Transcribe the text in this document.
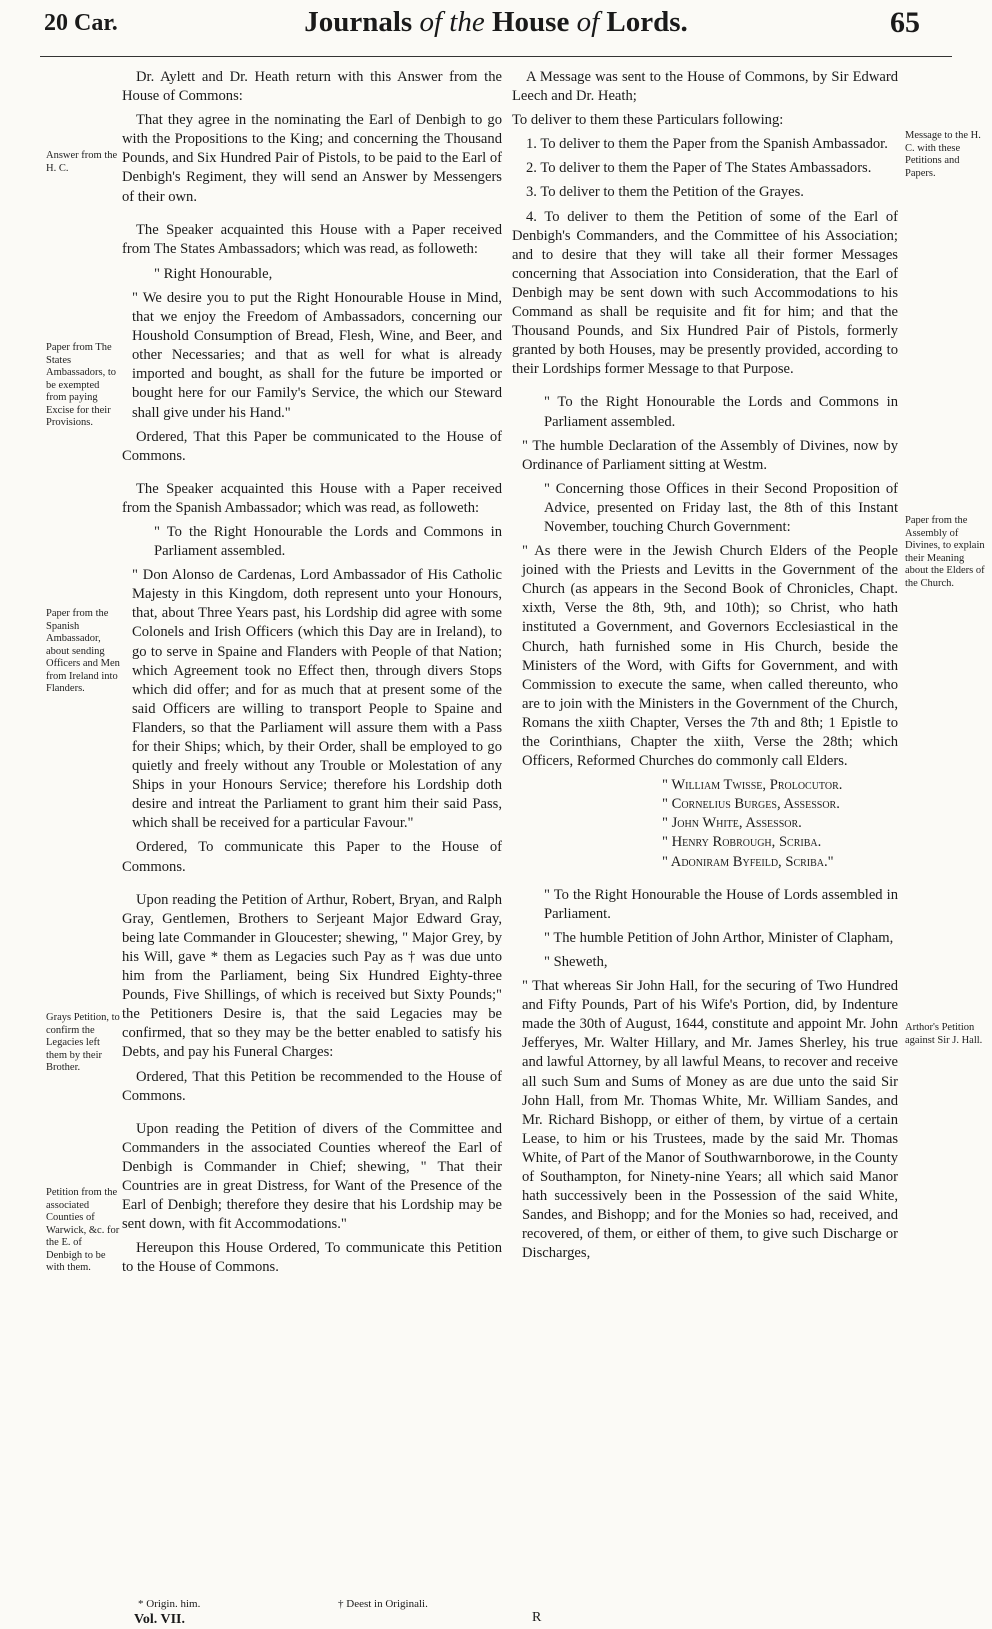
20 Car.	Journals of the House of Lords.	65
Answer from the H. C.
Paper from The States Ambassadors, to be exempted from paying Excise for their Provisions.
Paper from the Spanish Ambassador, about sending Officers and Men from Ireland into Flanders.
Grays Petition, to confirm the Legacies left them by their Brother.
Petition from the associated Counties of Warwick, &c. for the E. of Denbigh to be with them.
Message to the H. C. with these Petitions and Papers.
Paper from the Assembly of Divines, to explain their Meaning about the Elders of the Church.
Arthor's Petition against Sir J. Hall.

Dr. Aylett and Dr. Heath return with this Answer from the House of Commons:

That they agree in the nominating the Earl of Denbigh to go with the Propositions to the King; and concerning the Thousand Pounds, and Six Hundred Pair of Pistols, to be paid to the Earl of Denbigh's Regiment, they will send an Answer by Messengers of their own.

The Speaker acquainted this House with a Paper received from The States Ambassadors; which was read, as followeth:

" Right Honourable,

" We desire you to put the Right Honourable House in Mind, that we enjoy the Freedom of Ambassadors, concerning our Houshold Consumption of Bread, Flesh, Wine, and Beer, and other Necessaries; and that as well for what is already imported and bought, as shall for the future be imported or bought here for our Family's Service, the which our Steward shall give under his Hand."

Ordered, That this Paper be communicated to the House of Commons.

The Speaker acquainted this House with a Paper received from the Spanish Ambassador; which was read, as followeth:

" To the Right Honourable the Lords and Commons in Parliament assembled.

" Don Alonso de Cardenas, Lord Ambassador of His Catholic Majesty in this Kingdom, doth represent unto your Honours, that, about Three Years past, his Lordship did agree with some Colonels and Irish Officers (which this Day are in Ireland), to go to serve in Spaine and Flanders with People of that Nation; which Agreement took no Effect then, through divers Stops which did offer; and for as much that at present some of the said Officers are willing to transport People to Spaine and Flanders, so that the Parliament will assure them with a Pass for their Ships; which, by their Order, shall be employed to go quietly and freely without any Trouble or Molestation of any Ships in your Honours Service; therefore his Lordship doth desire and intreat the Parliament to grant him their said Pass, which shall be received for a particular Favour."

Ordered, To communicate this Paper to the House of Commons.

Upon reading the Petition of Arthur, Robert, Bryan, and Ralph Gray, Gentlemen, Brothers to Serjeant Major Edward Gray, being late Commander in Gloucester; shewing, " Major Grey, by his Will, gave * them as Legacies such Pay as † was due unto him from the Parliament, being Six Hundred Eighty-three Pounds, Five Shillings, of which is received but Sixty Pounds;" the Petitioners Desire is, that the said Legacies may be confirmed, that so they may be the better enabled to satisfy his Debts, and pay his Funeral Charges:

Ordered, That this Petition be recommended to the House of Commons.

Upon reading the Petition of divers of the Committee and Commanders in the associated Counties whereof the Earl of Denbigh is Commander in Chief; shewing, " That their Countries are in great Distress, for Want of the Presence of the Earl of Denbigh; therefore they desire that his Lordship may be sent down, with fit Accommodations."

Hereupon this House Ordered, To communicate this Petition to the House of Commons.

A Message was sent to the House of Commons, by Sir Edward Leech and Dr. Heath;

To deliver to them these Particulars following:

1. To deliver to them the Paper from the Spanish Ambassador.

2. To deliver to them the Paper of The States Ambassadors.

3. To deliver to them the Petition of the Grayes.

4. To deliver to them the Petition of some of the Earl of Denbigh's Commanders, and the Committee of his Association; and to desire that they will take all their former Messages concerning that Association into Consideration, that the Earl of Denbigh may be sent down with such Accommodations to his Command as shall be requisite and fit for him; and that the Thousand Pounds, and Six Hundred Pair of Pistols, formerly granted by both Houses, may be presently provided, according to their Lordships former Message to that Purpose.

" To the Right Honourable the Lords and Commons in Parliament assembled.

" The humble Declaration of the Assembly of Divines, now by Ordinance of Parliament sitting at Westm.

" Concerning those Offices in their Second Proposition of Advice, presented on Friday last, the 8th of this Instant November, touching Church Government:

" As there were in the Jewish Church Elders of the People joined with the Priests and Levitts in the Government of the Church (as appears in the Second Book of Chronicles, Chapt. xixth, Verse the 8th, 9th, and 10th); so Christ, who hath instituted a Government, and Governors Ecclesiastical in the Church, hath furnished some in His Church, beside the Ministers of the Word, with Gifts for Government, and with Commission to execute the same, when called thereunto, who are to join with the Ministers in the Government of the Church, Romans the xiith Chapter, Verses the 7th and 8th; 1 Epistle to the Corinthians, Chapter the xiith, Verse the 28th; which Officers, Reformed Churches do commonly call Elders.

" William Twisse, Prolocutor.

" Cornelius Burges, Assessor.

" John White, Assessor.

" Henry Robrough, Scriba.

" Adoniram Byfeild, Scriba."

" To the Right Honourable the House of Lords assembled in Parliament.

" The humble Petition of John Arthor, Minister of Clapham,

" Sheweth,

" That whereas Sir John Hall, for the securing of Two Hundred and Fifty Pounds, Part of his Wife's Portion, did, by Indenture made the 30th of August, 1644, constitute and appoint Mr. John Jefferyes, Mr. Walter Hillary, and Mr. James Sherley, his true and lawful Attorney, by all lawful Means, to recover and receive all such Sum and Sums of Money as are due unto the said Sir John Hall, from Mr. Thomas White, Mr. William Sandes, and Mr. Richard Bishopp, or either of them, by virtue of a certain Lease, to him or his Trustees, made by the said Mr. Thomas White, of Part of the Manor of Southwarnborowe, in the County of Southampton, for Ninety-nine Years; all which said Manor hath successively been in the Possession of the said White, Sandes, and Bishopp; and for the Monies so had, received, and recovered, of them, or either of them, to give such Discharge or Discharges,

* Origin. him.	† Deest in Originali.
Vol. VII.	R
